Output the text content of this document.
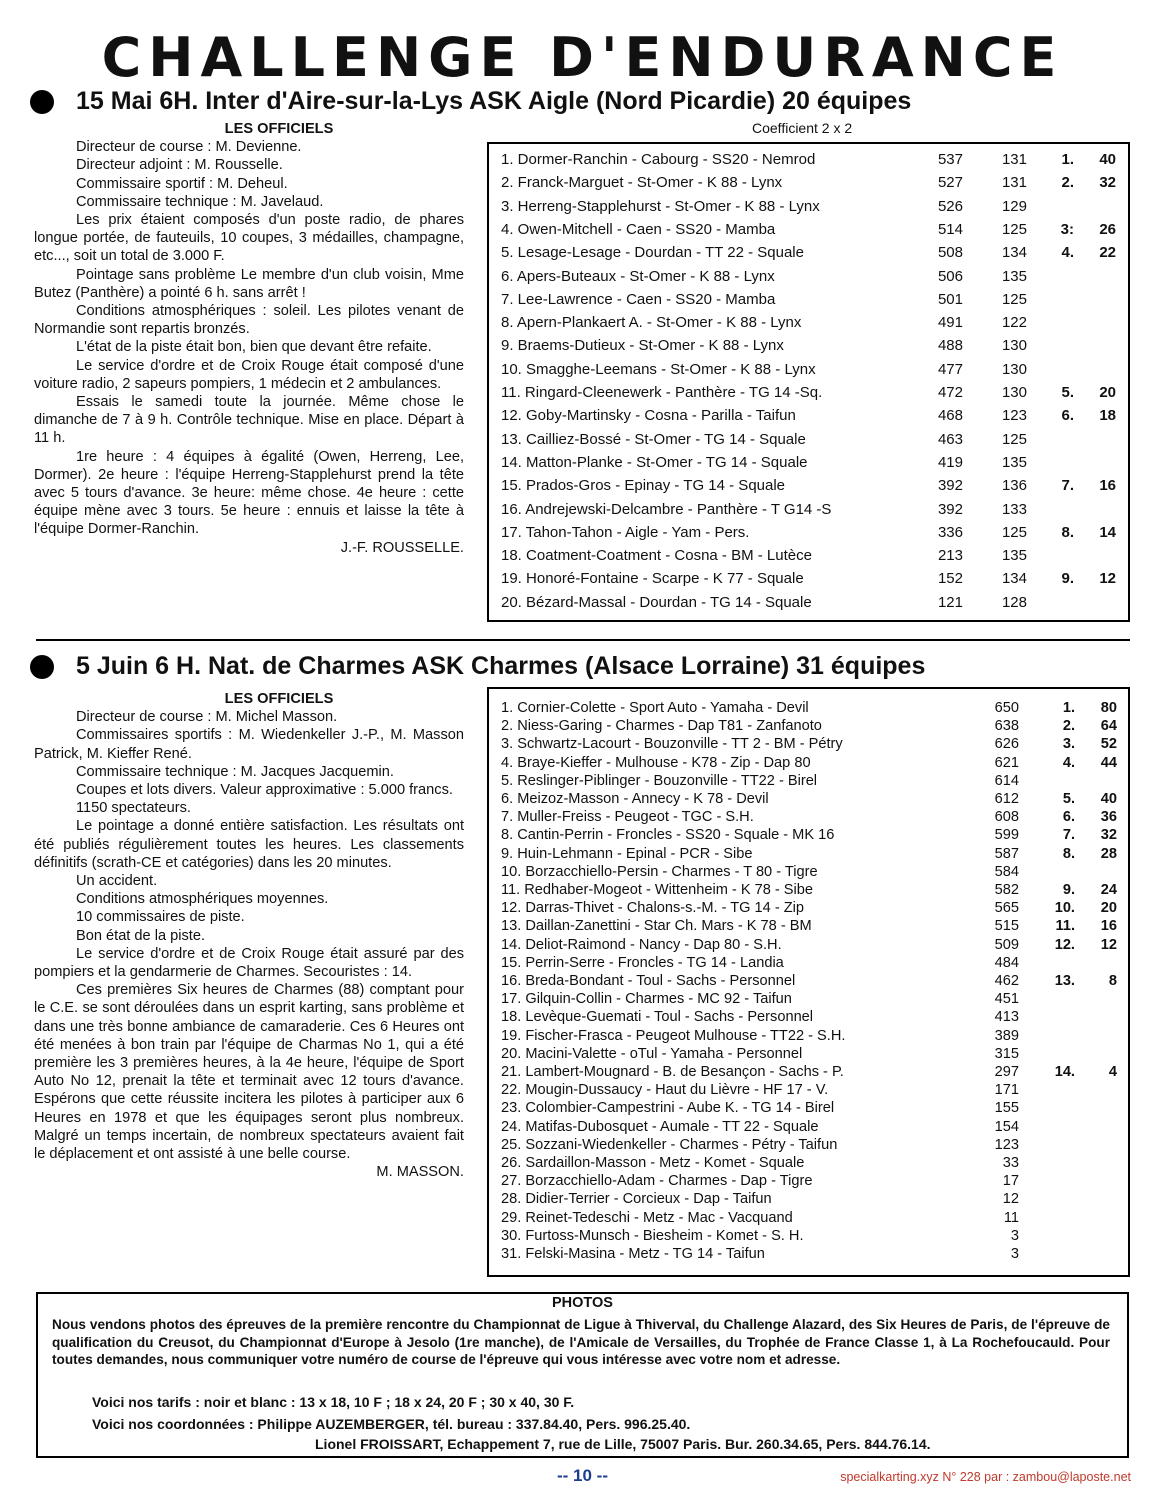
CHALLENGE D'ENDURANCE
15 Mai 6H. Inter d'Aire-sur-la-Lys ASK Aigle (Nord Picardie) 20 équipes
Coefficient 2 x 2

LES OFFICIELS

Directeur de course : M. Devienne.

Directeur adjoint : M. Rousselle.

Commissaire sportif : M. Deheul.

Commissaire technique : M. Javelaud.

Les prix étaient composés d'un poste radio, de phares longue portée, de fauteuils, 10 coupes, 3 médailles, champagne, etc..., soit un total de 3.000 F.

Pointage sans problème Le membre d'un club voisin, Mme Butez (Panthère) a pointé 6 h. sans arrêt !

Conditions atmosphériques : soleil. Les pilotes venant de Normandie sont repartis bronzés.

L'état de la piste était bon, bien que devant être refaite.

Le service d'ordre et de Croix Rouge était composé d'une voiture radio, 2 sapeurs pompiers, 1 médecin et 2 ambulances.

Essais le samedi toute la journée. Même chose le dimanche de 7 à 9 h. Contrôle technique. Mise en place. Départ à 11 h.

1re heure : 4 équipes à égalité (Owen, Herreng, Lee, Dormer). 2e heure : l'équipe Herreng-Stapplehurst prend la tête avec 5 tours d'avance. 3e heure: même chose. 4e heure : cette équipe mène avec 3 tours. 5e heure : ennuis et laisse la tête à l'équipe Dormer-Ranchin.

J.-F. ROUSSELLE.

1. Dormer-Ranchin - Cabourg - SS20 - Nemrod	537	131	1.	40
2. Franck-Marguet - St-Omer - K 88 - Lynx	527	131	2.	32
3. Herreng-Stapplehurst - St-Omer - K 88 - Lynx	526	129
4. Owen-Mitchell - Caen - SS20 - Mamba	514	125	3:	26
5. Lesage-Lesage - Dourdan - TT 22 - Squale	508	134	4.	22
6. Apers-Buteaux - St-Omer - K 88 - Lynx	506	135
7. Lee-Lawrence - Caen - SS20 - Mamba	501	125
8. Apern-Plankaert A. - St-Omer - K 88 - Lynx	491	122
9. Braems-Dutieux - St-Omer - K 88 - Lynx	488	130
10. Smagghe-Leemans - St-Omer - K 88 - Lynx	477	130
11. Ringard-Cleenewerk - Panthère - TG 14 -Sq.	472	130	5.	20
12. Goby-Martinsky - Cosna - Parilla - Taifun	468	123	6.	18
13. Cailliez-Bossé - St-Omer - TG 14 - Squale	463	125
14. Matton-Planke - St-Omer - TG 14 - Squale	419	135
15. Prados-Gros - Epinay - TG 14 - Squale	392	136	7.	16
16. Andrejewski-Delcambre - Panthère - T G14 -S	392	133
17. Tahon-Tahon - Aigle - Yam - Pers.	336	125	8.	14
18. Coatment-Coatment - Cosna - BM - Lutèce	213	135
19. Honoré-Fontaine - Scarpe - K 77 - Squale	152	134	9.	12
20. Bézard-Massal - Dourdan - TG 14 - Squale	121	128
5 Juin 6 H. Nat. de Charmes ASK Charmes (Alsace Lorraine) 31 équipes

LES OFFICIELS

Directeur de course : M. Michel Masson.

Commissaires sportifs : M. Wiedenkeller J.-P., M. Masson Patrick, M. Kieffer René.

Commissaire technique : M. Jacques Jacquemin.

Coupes et lots divers. Valeur approximative : 5.000 francs.

1150 spectateurs.

Le pointage a donné entière satisfaction. Les résultats ont été publiés régulièrement toutes les heures. Les classements définitifs (scrath-CE et catégories) dans les 20 minutes.

Un accident.

Conditions atmosphériques moyennes.

10 commissaires de piste.

Bon état de la piste.

Le service d'ordre et de Croix Rouge était assuré par des pompiers et la gendarmerie de Charmes. Secouristes : 14.

Ces premières Six heures de Charmes (88) comptant pour le C.E. se sont déroulées dans un esprit karting, sans problème et dans une très bonne ambiance de camaraderie. Ces 6 Heures ont été menées à bon train par l'équipe de Charmas No 1, qui a été première les 3 premières heures, à la 4e heure, l'équipe de Sport Auto No 12, prenait la tête et terminait avec 12 tours d'avance. Espérons que cette réussite incitera les pilotes à participer aux 6 Heures en 1978 et que les équipages seront plus nombreux. Malgré un temps incertain, de nombreux spectateurs avaient fait le déplacement et ont assisté à une belle course.

M. MASSON.

1. Cornier-Colette - Sport Auto - Yamaha - Devil	650	1.	80
2. Niess-Garing - Charmes - Dap T81 - Zanfanoto	638	2.	64
3. Schwartz-Lacourt - Bouzonville - TT 2 - BM - Pétry	626	3.	52
4. Braye-Kieffer - Mulhouse - K78 - Zip - Dap 80	621	4.	44
5. Reslinger-Piblinger - Bouzonville - TT22 - Birel	614
6. Meizoz-Masson - Annecy - K 78 - Devil	612	5.	40
7. Muller-Freiss - Peugeot - TGC - S.H.	608	6.	36
8. Cantin-Perrin - Froncles - SS20 - Squale - MK 16	599	7.	32
9. Huin-Lehmann - Epinal - PCR - Sibe	587	8.	28
10. Borzacchiello-Persin - Charmes - T 80 - Tigre	584
11. Redhaber-Mogeot - Wittenheim - K 78 - Sibe	582	9.	24
12. Darras-Thivet - Chalons-s.-M. - TG 14 - Zip	565	10.	20
13. Daillan-Zanettini - Star Ch. Mars - K 78 - BM	515	11.	16
14. Deliot-Raimond - Nancy - Dap 80 - S.H.	509	12.	12
15. Perrin-Serre - Froncles - TG 14 - Landia	484
16. Breda-Bondant - Toul - Sachs - Personnel	462	13.	8
17. Gilquin-Collin - Charmes - MC 92 - Taifun	451
18. Levèque-Guemati - Toul - Sachs - Personnel	413
19. Fischer-Frasca - Peugeot Mulhouse - TT22 - S.H.	389
20. Macini-Valette - oTul - Yamaha - Personnel	315
21. Lambert-Mougnard - B. de Besançon - Sachs - P.	297	14.	4
22. Mougin-Dussaucy - Haut du Lièvre - HF 17 - V.	171
23. Colombier-Campestrini - Aube K. - TG 14 - Birel	155
24. Matifas-Dubosquet - Aumale - TT 22 - Squale	154
25. Sozzani-Wiedenkeller - Charmes - Pétry - Taifun	123
26. Sardaillon-Masson - Metz - Komet - Squale	33
27. Borzacchiello-Adam - Charmes - Dap - Tigre	17
28. Didier-Terrier - Corcieux - Dap - Taifun	12
29. Reinet-Tedeschi - Metz - Mac - Vacquand	11
30. Furtoss-Munsch - Biesheim - Komet - S. H.	3
31. Felski-Masina - Metz - TG 14 - Taifun	3
PHOTOS
Nous vendons photos des épreuves de la première rencontre du Championnat de Ligue à Thiverval, du Challenge Alazard, des Six Heures de Paris, de l'épreuve de qualification du Creusot, du Championnat d'Europe à Jesolo (1re manche), de l'Amicale de Versailles, du Trophée de France Classe 1, à La Rochefoucauld. Pour toutes demandes, nous communiquer votre numéro de course de l'épreuve qui vous intéresse avec votre nom et adresse.
Voici nos tarifs : noir et blanc : 13 x 18, 10 F ; 18 x 24, 20 F ; 30 x 40, 30 F.
Voici nos coordonnées : Philippe AUZEMBERGER, tél. bureau : 337.84.40, Pers. 996.25.40.
Lionel FROISSART, Echappement 7, rue de Lille, 75007 Paris. Bur. 260.34.65, Pers. 844.76.14.
-- 10 --	specialkarting.xyz N° 228 par : zambou@laposte.net
